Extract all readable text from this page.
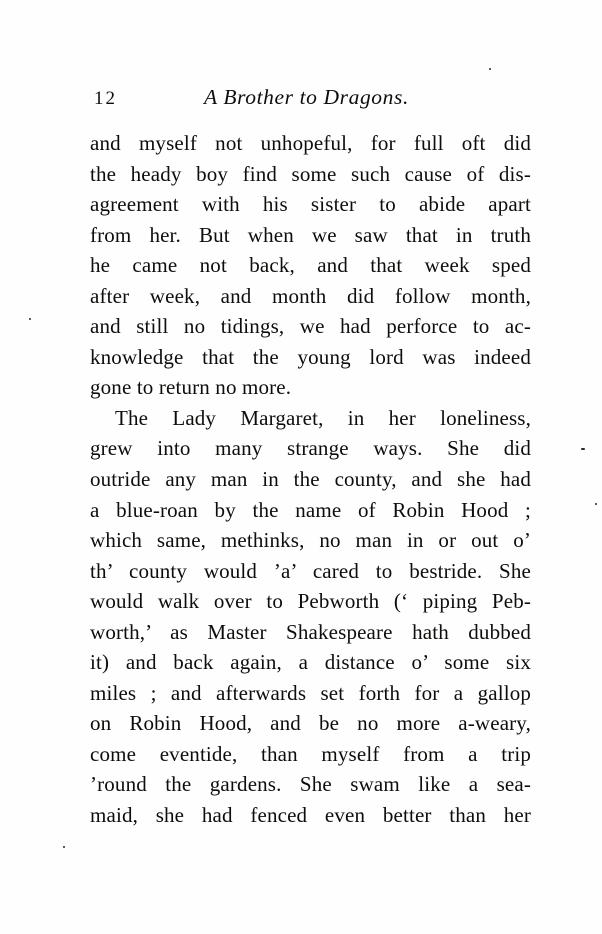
12	A Brother to Dragons.
and myself not unhopeful, for full oft did
the heady boy find some such cause of dis-
agreement with his sister to abide apart
from her. But when we saw that in truth
he came not back, and that week sped
after week, and month did follow month,
and still no tidings, we had perforce to ac-
knowledge that the young lord was indeed
gone to return no more.
The Lady Margaret, in her loneliness,
grew into many strange ways. She did
outride any man in the county, and she had
a blue-roan by the name of Robin Hood ;
which same, methinks, no man in or out o’
th’ county would ’a’ cared to bestride. She
would walk over to Pebworth (‘ piping Peb-
worth,’ as Master Shakespeare hath dubbed
it) and back again, a distance o’ some six
miles ; and afterwards set forth for a gallop
on Robin Hood, and be no more a-weary,
come eventide, than myself from a trip
’round the gardens. She swam like a sea-
maid, she had fenced even better than her
